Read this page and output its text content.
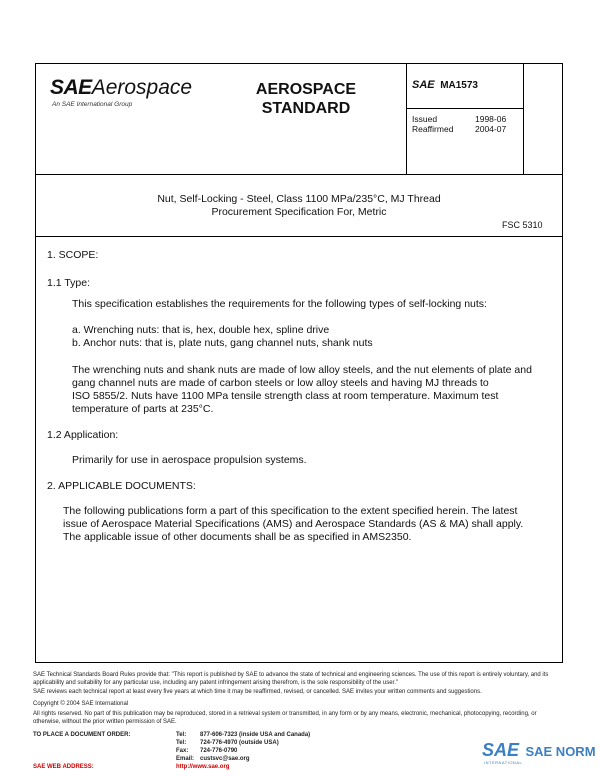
SAEAerospace
An SAE International Group
AEROSPACE
STANDARD
SAE MA1573
Issued	1998-06
Reaffirmed	2004-07
Nut, Self-Locking - Steel, Class 1100 MPa/235°C, MJ Thread
Procurement Specification For, Metric
FSC 5310
1. SCOPE:
1.1 Type:
This specification establishes the requirements for the following types of self-locking nuts:
a. Wrenching nuts: that is, hex, double hex, spline drive
b. Anchor nuts: that is, plate nuts, gang channel nuts, shank nuts
The wrenching nuts and shank nuts are made of low alloy steels, and the nut elements of plate and
gang channel nuts are made of carbon steels or low alloy steels and having MJ threads to
ISO 5855/2. Nuts have 1100 MPa tensile strength class at room temperature. Maximum test
temperature of parts at 235°C.
1.2 Application:
Primarily for use in aerospace propulsion systems.
2. APPLICABLE DOCUMENTS:
The following publications form a part of this specification to the extent specified herein. The latest
issue of Aerospace Material Specifications (AMS) and Aerospace Standards (AS & MA) shall apply.
The applicable issue of other documents shall be as specified in AMS2350.
SAE Technical Standards Board Rules provide that: "This report is published by SAE to advance the state of technical and engineering sciences. The use of this report is entirely voluntary, and its applicability and suitability for any particular use, including any patent infringement arising therefrom, is the sole responsibility of the user."
SAE reviews each technical report at least every five years at which time it may be reaffirmed, revised, or cancelled. SAE invites your written comments and suggestions.
Copyright © 2004 SAE International
All rights reserved. No part of this publication may be reproduced, stored in a retrieval system or transmitted, in any form or by any means, electronic, mechanical, photocopying, recording, or otherwise, without the prior written permission of SAE.
TO PLACE A DOCUMENT ORDER:	Tel: 877-606-7323 (inside USA and Canada)
Tel: 724-776-4970 (outside USA)
Fax: 724-776-0790
Email: custsvc@sae.org
SAE WEB ADDRESS:	http://www.sae.org
SAE SAE NORM
INTERNATIONAL
